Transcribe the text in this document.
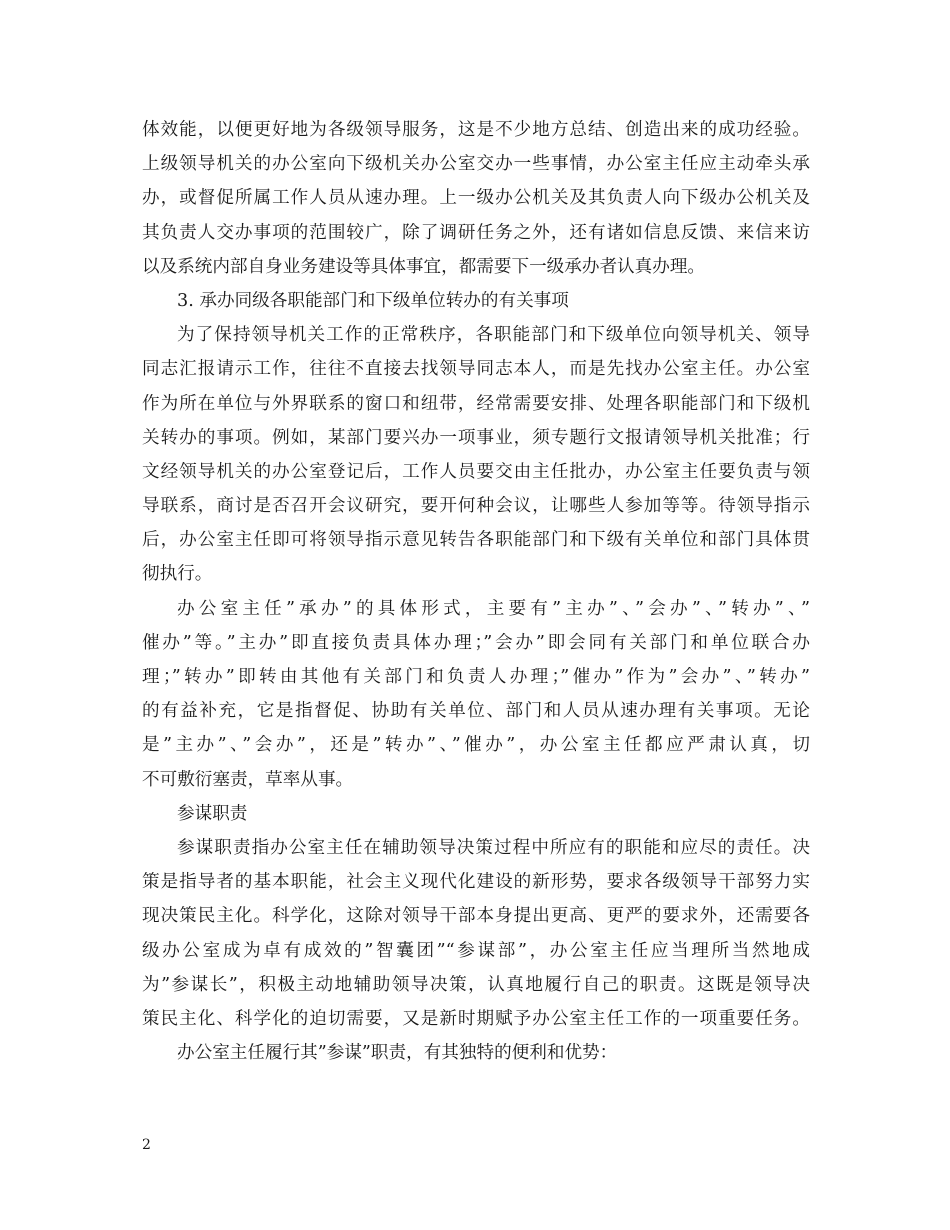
体效能，以便更好地为各级领导服务，这是不少地方总结、创造出来的成功经验。
上级领导机关的办公室向下级机关办公室交办一些事情，办公室主任应主动牵头承
办，或督促所属工作人员从速办理。上一级办公机关及其负责人向下级办公机关及
其负责人交办事项的范围较广，除了调研任务之外，还有诸如信息反馈、来信来访
以及系统内部自身业务建设等具体事宜，都需要下一级承办者认真办理。
3. 承办同级各职能部门和下级单位转办的有关事项
为了保持领导机关工作的正常秩序，各职能部门和下级单位向领导机关、领导
同志汇报请示工作，往往不直接去找领导同志本人，而是先找办公室主任。办公室
作为所在单位与外界联系的窗口和纽带，经常需要安排、处理各职能部门和下级机
关转办的事项。例如，某部门要兴办一项事业，须专题行文报请领导机关批准；行
文经领导机关的办公室登记后，工作人员要交由主任批办，办公室主任要负责与领
导联系，商讨是否召开会议研究，要开何种会议，让哪些人参加等等。待领导指示
后，办公室主任即可将领导指示意见转告各职能部门和下级有关单位和部门具体贯
彻执行。
办公室主任”承办”的具体形式，主要有”主办”、”会办”、”转办”、”
催办”等。”主办”即直接负责具体办理；”会办”即会同有关部门和单位联合办
理；”转办”即转由其他有关部门和负责人办理；”催办”作为”会办”、”转办”
的有益补充，它是指督促、协助有关单位、部门和人员从速办理有关事项。无论
是”主办”、”会办”，还是”转办”、”催办”，办公室主任都应严肃认真，切
不可敷衍塞责，草率从事。
参谋职责
参谋职责指办公室主任在辅助领导决策过程中所应有的职能和应尽的责任。决
策是指导者的基本职能，社会主义现代化建设的新形势，要求各级领导干部努力实
现决策民主化。科学化，这除对领导干部本身提出更高、更严的要求外，还需要各
级办公室成为卓有成效的”智囊团”“参谋部”，办公室主任应当理所当然地成
为”参谋长”，积极主动地辅助领导决策，认真地履行自己的职责。这既是领导决
策民主化、科学化的迫切需要，又是新时期赋予办公室主任工作的一项重要任务。
办公室主任履行其”参谋”职责，有其独特的便利和优势：
2
